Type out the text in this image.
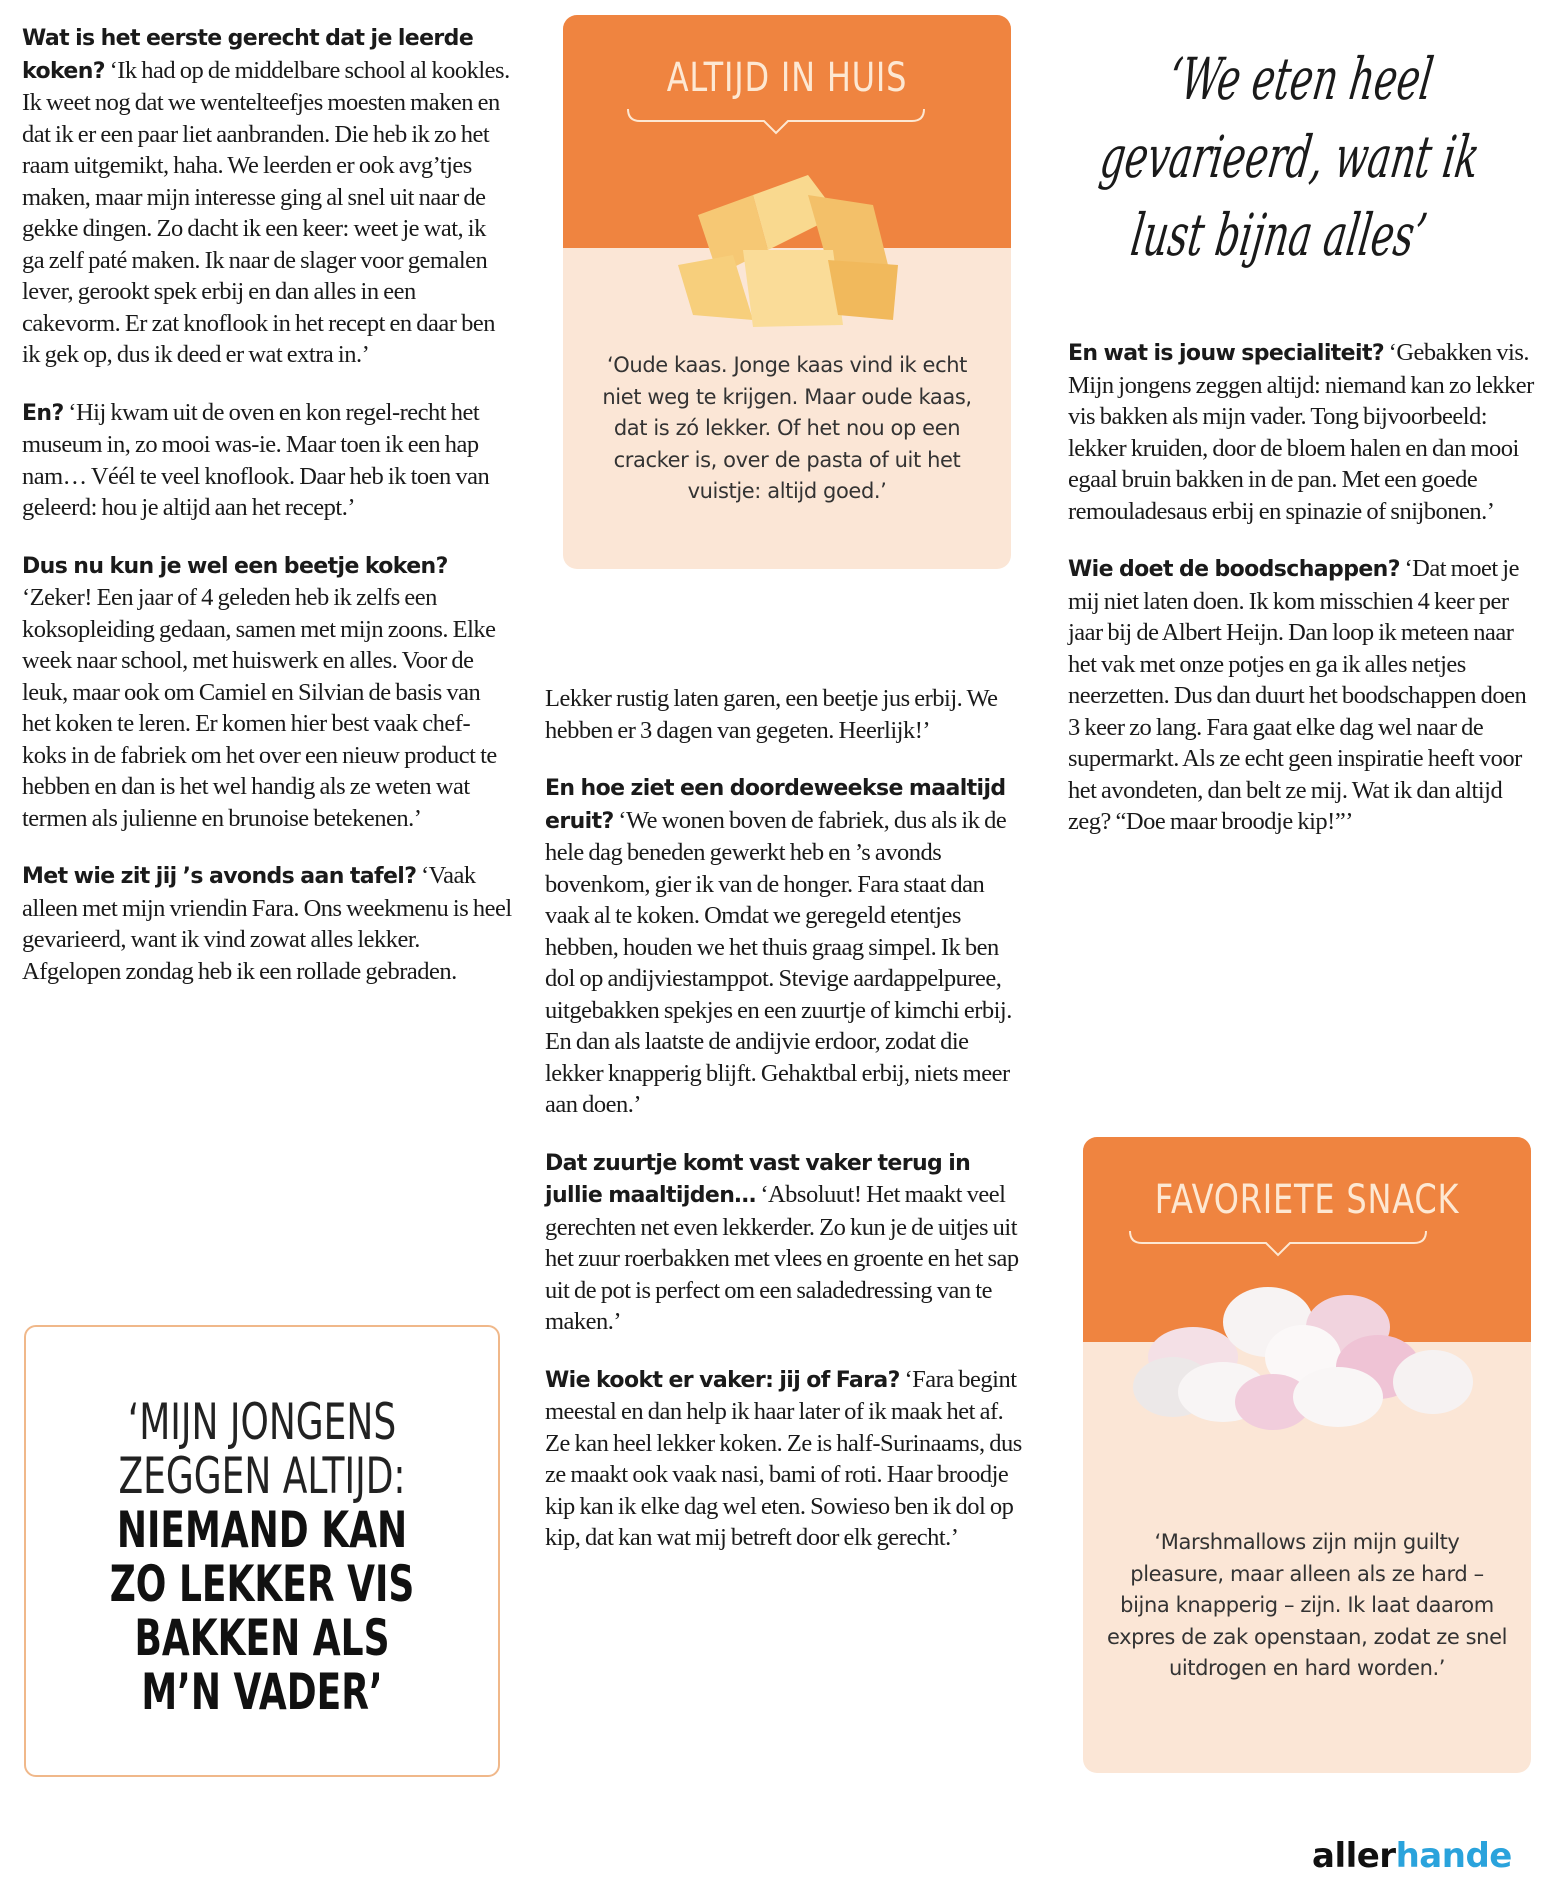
Wat is het eerste gerecht dat je leerde koken? ‘Ik had op de middelbare school al kookles. Ik weet nog dat we wentelteefjes moesten maken en dat ik er een paar liet aanbranden. Die heb ik zo het raam uitgemikt, haha. We leerden er ook avg’tjes maken, maar mijn interesse ging al snel uit naar de gekke dingen. Zo dacht ik een keer: weet je wat, ik ga zelf paté maken. Ik naar de slager voor gemalen lever, gerookt spek erbij en dan alles in een cakevorm. Er zat knoflook in het recept en daar ben ik gek op, dus ik deed er wat extra in.’

En? ‘Hij kwam uit de oven en kon regel-recht het museum in, zo mooi was-ie. Maar toen ik een hap nam… Véél te veel knoflook. Daar heb ik toen van geleerd: hou je altijd aan het recept.’

Dus nu kun je wel een beetje koken? ‘Zeker! Een jaar of 4 geleden heb ik zelfs een koksopleiding gedaan, samen met mijn zoons. Elke week naar school, met huiswerk en alles. Voor de leuk, maar ook om Camiel en Silvian de basis van het koken te leren. Er komen hier best vaak chef-koks in de fabriek om het over een nieuw product te hebben en dan is het wel handig als ze weten wat termen als julienne en brunoise betekenen.’

Met wie zit jij ’s avonds aan tafel? ‘Vaak alleen met mijn vriendin Fara. Ons weekmenu is heel gevarieerd, want ik vind zowat alles lekker. Afgelopen zondag heb ik een rollade gebraden.

Lekker rustig laten garen, een beetje jus erbij. We hebben er 3 dagen van gegeten. Heerlijk!’

En hoe ziet een doordeweekse maaltijd eruit? ‘We wonen boven de fabriek, dus als ik de hele dag beneden gewerkt heb en ’s avonds bovenkom, gier ik van de honger. Fara staat dan vaak al te koken. Omdat we geregeld etentjes hebben, houden we het thuis graag simpel. Ik ben dol op andijviestamppot. Stevige aardappelpuree, uitgebakken spekjes en een zuurtje of kimchi erbij. En dan als laatste de andijvie erdoor, zodat die lekker knapperig blijft. Gehaktbal erbij, niets meer aan doen.’

Dat zuurtje komt vast vaker terug in jullie maaltijden… ‘Absoluut! Het maakt veel gerechten net even lekkerder. Zo kun je de uitjes uit het zuur roerbakken met vlees en groente en het sap uit de pot is perfect om een saladedressing van te maken.’

Wie kookt er vaker: jij of Fara? ‘Fara begint meestal en dan help ik haar later of ik maak het af. Ze kan heel lekker koken. Ze is half-Surinaams, dus ze maakt ook vaak nasi, bami of roti. Haar broodje kip kan ik elke dag wel eten. Sowieso ben ik dol op kip, dat kan wat mij betreft door elk gerecht.’

En wat is jouw specialiteit? ‘Gebakken vis. Mijn jongens zeggen altijd: niemand kan zo lekker vis bakken als mijn vader. Tong bijvoorbeeld: lekker kruiden, door de bloem halen en dan mooi egaal bruin bakken in de pan. Met een goede remouladesaus erbij en spinazie of snijbonen.’

Wie doet de boodschappen? ‘Dat moet je mij niet laten doen. Ik kom misschien 4 keer per jaar bij de Albert Heijn. Dan loop ik meteen naar het vak met onze potjes en ga ik alles netjes neerzetten. Dus dan duurt het boodschappen doen 3 keer zo lang. Fara gaat elke dag wel naar de supermarkt. Als ze echt geen inspiratie heeft voor het avondeten, dan belt ze mij. Wat ik dan altijd zeg? “Doe maar broodje kip!”’

ALTIJD IN HUIS
‘Oude kaas. Jonge kaas vind ik echt niet weg te krijgen. Maar oude kaas, dat is zó lekker. Of het nou op een cracker is, over de pasta of uit het vuistje: altijd goed.’
‘We eten heel
gevarieerd, want ik
lust bijna alles’
‘MIJN JONGENS
ZEGGEN ALTIJD:
NIEMAND KAN
ZO LEKKER VIS
BAKKEN ALS
M’N VADER’
FAVORIETE SNACK
‘Marshmallows zijn mijn guilty pleasure, maar alleen als ze hard – bijna knapperig – zijn. Ik laat daarom expres de zak openstaan, zodat ze snel uitdrogen en hard worden.’
allerhande
